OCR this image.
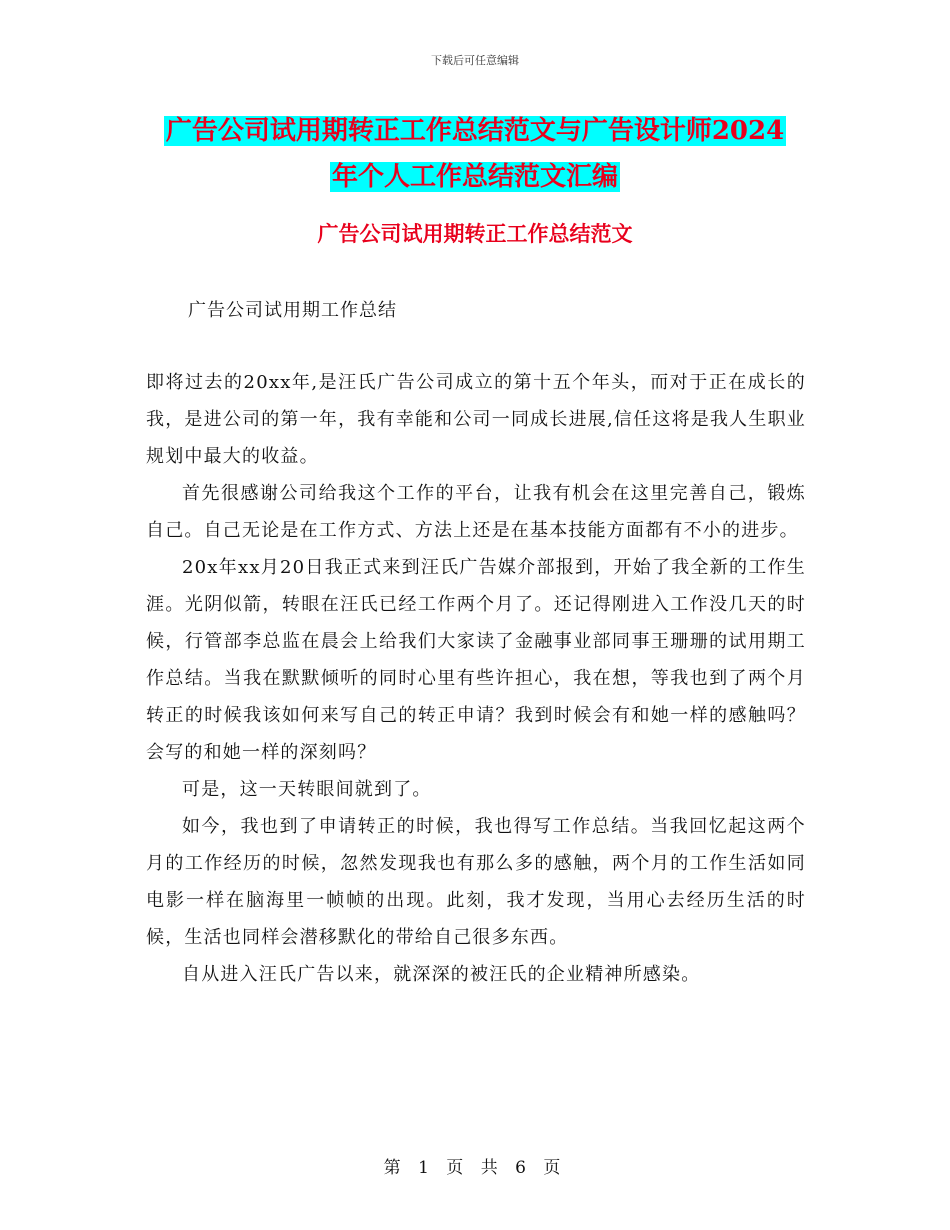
下载后可任意编辑
广告公司试用期转正工作总结范文与广告设计师2024
年个人工作总结范文汇编
广告公司试用期转正工作总结范文
广告公司试用期工作总结

即将过去的20xx年,是汪氏广告公司成立的第十五个年头，而对于正在成长的我，是进公司的第一年，我有幸能和公司一同成长进展,信任这将是我人生职业规划中最大的收益。

首先很感谢公司给我这个工作的平台，让我有机会在这里完善自己，锻炼自己。自己无论是在工作方式、方法上还是在基本技能方面都有不小的进步。

20x年xx月20日我正式来到汪氏广告媒介部报到，开始了我全新的工作生涯。光阴似箭，转眼在汪氏已经工作两个月了。还记得刚进入工作没几天的时候，行管部李总监在晨会上给我们大家读了金融事业部同事王珊珊的试用期工作总结。当我在默默倾听的同时心里有些许担心，我在想，等我也到了两个月转正的时候我该如何来写自己的转正申请？我到时候会有和她一样的感触吗？会写的和她一样的深刻吗？

可是，这一天转眼间就到了。

如今，我也到了申请转正的时候，我也得写工作总结。当我回忆起这两个月的工作经历的时候，忽然发现我也有那么多的感触，两个月的工作生活如同电影一样在脑海里一帧帧的出现。此刻，我才发现，当用心去经历生活的时候，生活也同样会潜移默化的带给自己很多东西。

自从进入汪氏广告以来，就深深的被汪氏的企业精神所感染。

第 1 页 共 6 页
